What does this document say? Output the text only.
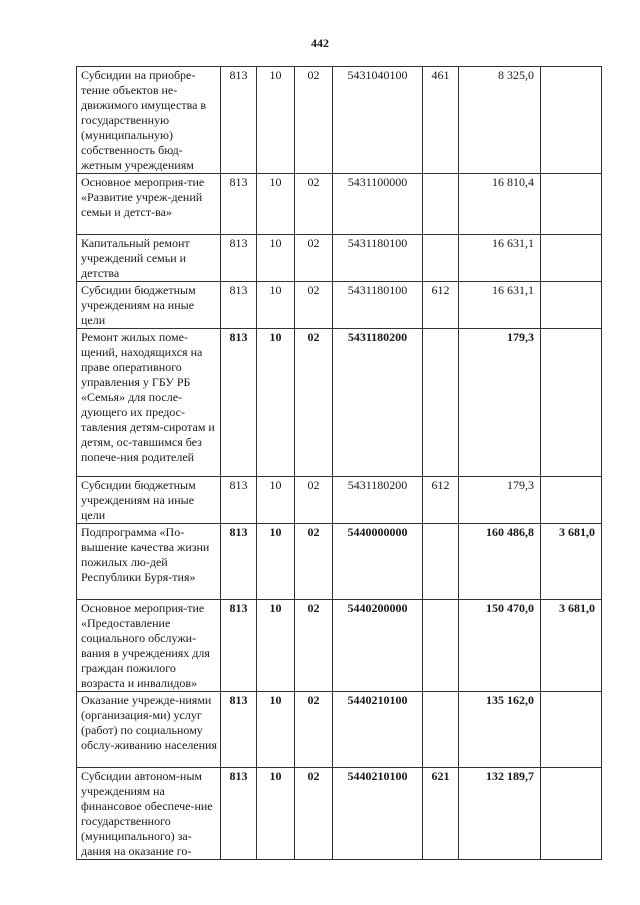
442
Субсидии на приобре-тение объектов не-движимого имущества в государственную (муниципальную) собственность бюд-жетным учреждениям	813	10	02	5431040100	461	8 325,0	
Основное мероприя-тие «Развитие учреж-дений семьи и детст-ва»	813	10	02	5431100000		16 810,4	
Капитальный ремонт учреждений семьи и детства	813	10	02	5431180100		16 631,1	
Субсидии бюджетным учреждениям на иные цели	813	10	02	5431180100	612	16 631,1	
Ремонт жилых поме-щений, находящихся на праве оперативного управления у ГБУ РБ «Семья» для после-дующего их предос-тавления детям-сиротам и детям, ос-тавшимся без попече-ния родителей	813	10	02	5431180200		179,3	
Субсидии бюджетным учреждениям на иные цели	813	10	02	5431180200	612	179,3	
Подпрограмма «По-вышение качества жизни пожилых лю-дей Республики Буря-тия»	813	10	02	5440000000		160 486,8	3 681,0
Основное мероприя-тие «Предоставление социального обслужи-вания в учреждениях для граждан пожилого возраста и инвалидов»	813	10	02	5440200000		150 470,0	3 681,0
Оказание учрежде-ниями (организация-ми) услуг (работ) по социальному обслу-живанию населения	813	10	02	5440210100		135 162,0	
Субсидии автоном-ным учреждениям на финансовое обеспече-ние государственного (муниципального) за-дания на оказание го-	813	10	02	5440210100	621	132 189,7	
